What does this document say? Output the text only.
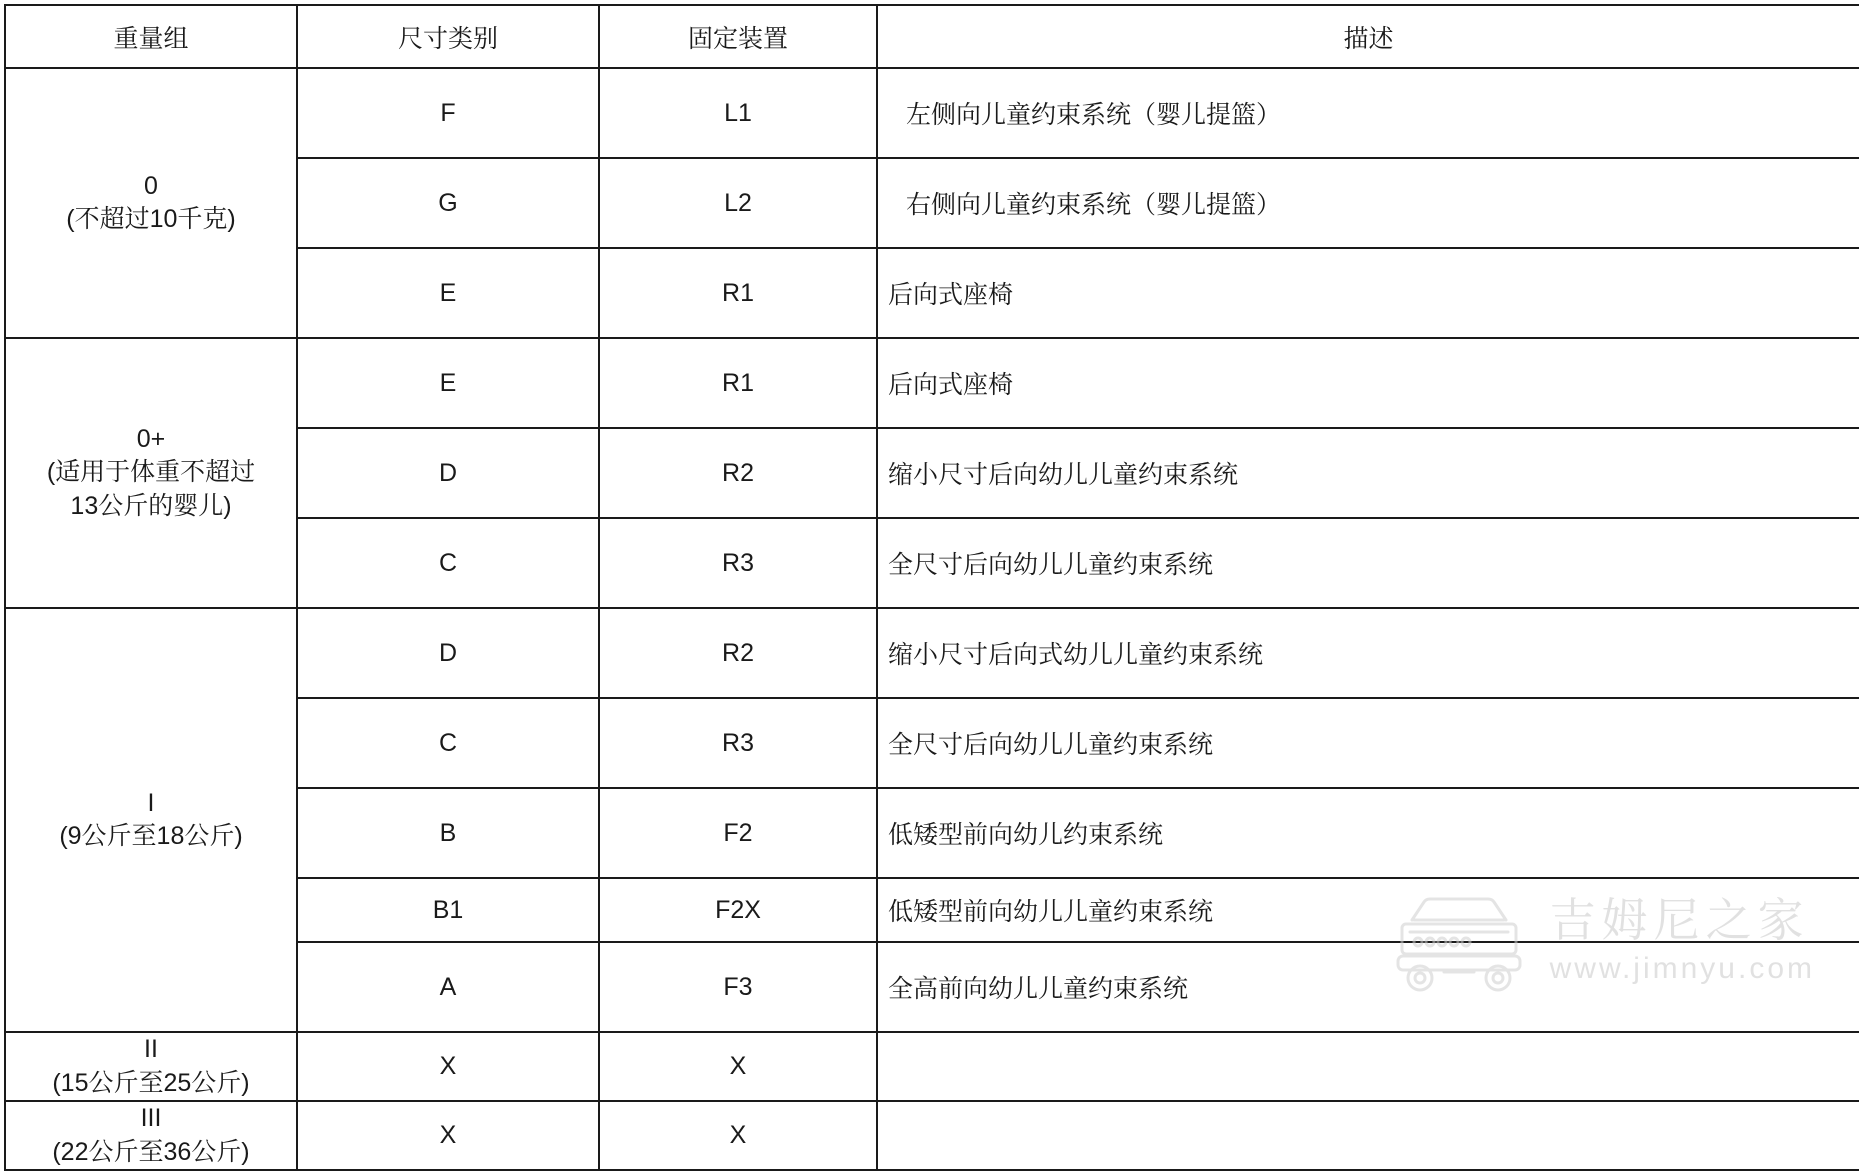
重量组	尺寸类别	固定装置	描述

0
(不超过10千克)	F	L1	左侧向儿童约束系统（婴儿提篮）
	G	L2	右侧向儿童约束系统（婴儿提篮）
	E	R1	后向式座椅

0+
(适用于体重不超过
13公斤的婴儿)	E	R1	后向式座椅
	D	R2	缩小尺寸后向幼儿儿童约束系统
	C	R3	全尺寸后向幼儿儿童约束系统

I
(9公斤至18公斤)	D	R2	缩小尺寸后向式幼儿儿童约束系统
	C	R3	全尺寸后向幼儿儿童约束系统
	B	F2	低矮型前向幼儿约束系统
	B1	F2X	低矮型前向幼儿儿童约束系统
	A	F3	全高前向幼儿儿童约束系统

II
(15公斤至25公斤)	X	X	

III
(22公斤至36公斤)	X	X	
吉姆尼之家
www.jimnyu.com
